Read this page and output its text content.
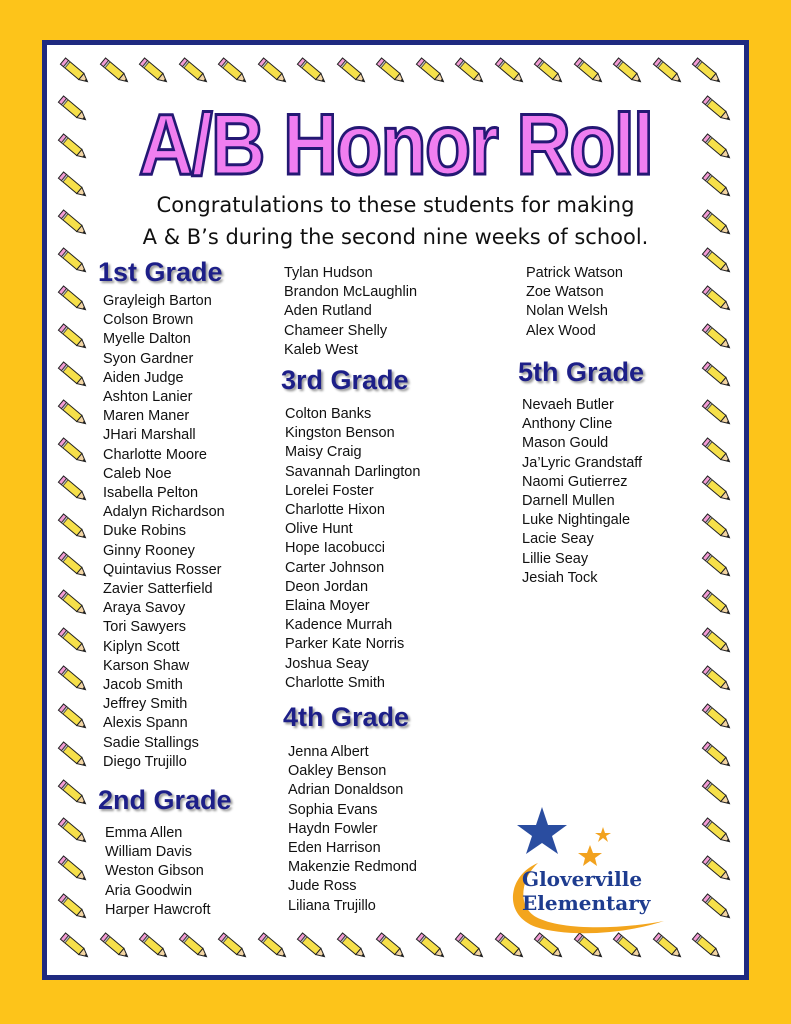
A/B Honor Roll
Congratulations to these students for making
A & B’s during the second nine weeks of school.
1st Grade
Grayleigh Barton
Colson Brown
Myelle Dalton
Syon Gardner
Aiden Judge
Ashton Lanier
Maren Maner
JHari Marshall
Charlotte Moore
Caleb Noe
Isabella Pelton
Adalyn Richardson
Duke Robins
Ginny Rooney
Quintavius Rosser
Zavier Satterfield
Araya Savoy
Tori Sawyers
Kiplyn Scott
Karson Shaw
Jacob Smith
Jeffrey Smith
Alexis Spann
Sadie Stallings
Diego Trujillo
2nd Grade
Emma Allen
William Davis
Weston Gibson
Aria Goodwin
Harper Hawcroft
Tylan Hudson
Brandon McLaughlin
Aden Rutland
Chameer Shelly
Kaleb West
3rd Grade
Colton Banks
Kingston Benson
Maisy Craig
Savannah Darlington
Lorelei Foster
Charlotte Hixon
Olive Hunt
Hope Iacobucci
Carter Johnson
Deon Jordan
Elaina Moyer
Kadence Murrah
Parker Kate Norris
Joshua Seay
Charlotte Smith
4th Grade
Jenna Albert
Oakley Benson
Adrian Donaldson
Sophia Evans
Haydn Fowler
Eden Harrison
Makenzie Redmond
Jude Ross
Liliana Trujillo
Patrick Watson
Zoe Watson
Nolan Welsh
Alex Wood
5th Grade
Nevaeh Butler
Anthony Cline
Mason Gould
Ja’Lyric Grandstaff
Naomi Gutierrez
Darnell Mullen
Luke Nightingale
Lacie Seay
Lillie Seay
Jesiah Tock
Gloverville
Elementary
